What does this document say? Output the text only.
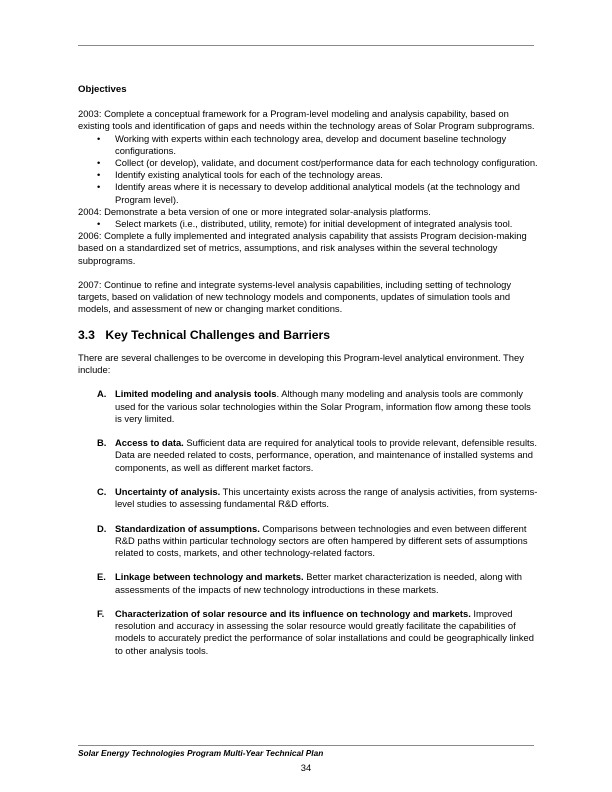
Objectives

2003: Complete a conceptual framework for a Program-level modeling and analysis capability, based on existing tools and identification of gaps and needs within the technology areas of Solar Program subprograms.

• Working with experts within each technology area, develop and document baseline technology configurations.
• Collect (or develop), validate, and document cost/performance data for each technology configuration.
• Identify existing analytical tools for each of the technology areas.
• Identify areas where it is necessary to develop additional analytical models (at the technology and Program level).

2004: Demonstrate a beta version of one or more integrated solar-analysis platforms.

• Select markets (i.e., distributed, utility, remote) for initial development of integrated analysis tool.

2006: Complete a fully implemented and integrated analysis capability that assists Program decision-making based on a standardized set of metrics, assumptions, and risk analyses within the several technology subprograms.

2007: Continue to refine and integrate systems-level analysis capabilities, including setting of technology targets, based on validation of new technology models and components, updates of simulation tools and models, and assessment of new or changing market conditions.

3.3 Key Technical Challenges and Barriers

There are several challenges to be overcome in developing this Program-level analytical environment. They include:

A. Limited modeling and analysis tools. Although many modeling and analysis tools are commonly used for the various solar technologies within the Solar Program, information flow among these tools is very limited.
B. Access to data. Sufficient data are required for analytical tools to provide relevant, defensible results. Data are needed related to costs, performance, operation, and maintenance of installed systems and components, as well as different market factors.
C. Uncertainty of analysis. This uncertainty exists across the range of analysis activities, from systems-level studies to assessing fundamental R&D efforts.
D. Standardization of assumptions. Comparisons between technologies and even between different R&D paths within particular technology sectors are often hampered by different sets of assumptions related to costs, markets, and other technology-related factors.
E. Linkage between technology and markets. Better market characterization is needed, along with assessments of the impacts of new technology introductions in these markets.
F. Characterization of solar resource and its influence on technology and markets. Improved resolution and accuracy in assessing the solar resource would greatly facilitate the capabilities of models to accurately predict the performance of solar installations and could be geographically linked to other analysis tools.
Solar Energy Technologies Program Multi-Year Technical Plan
34
